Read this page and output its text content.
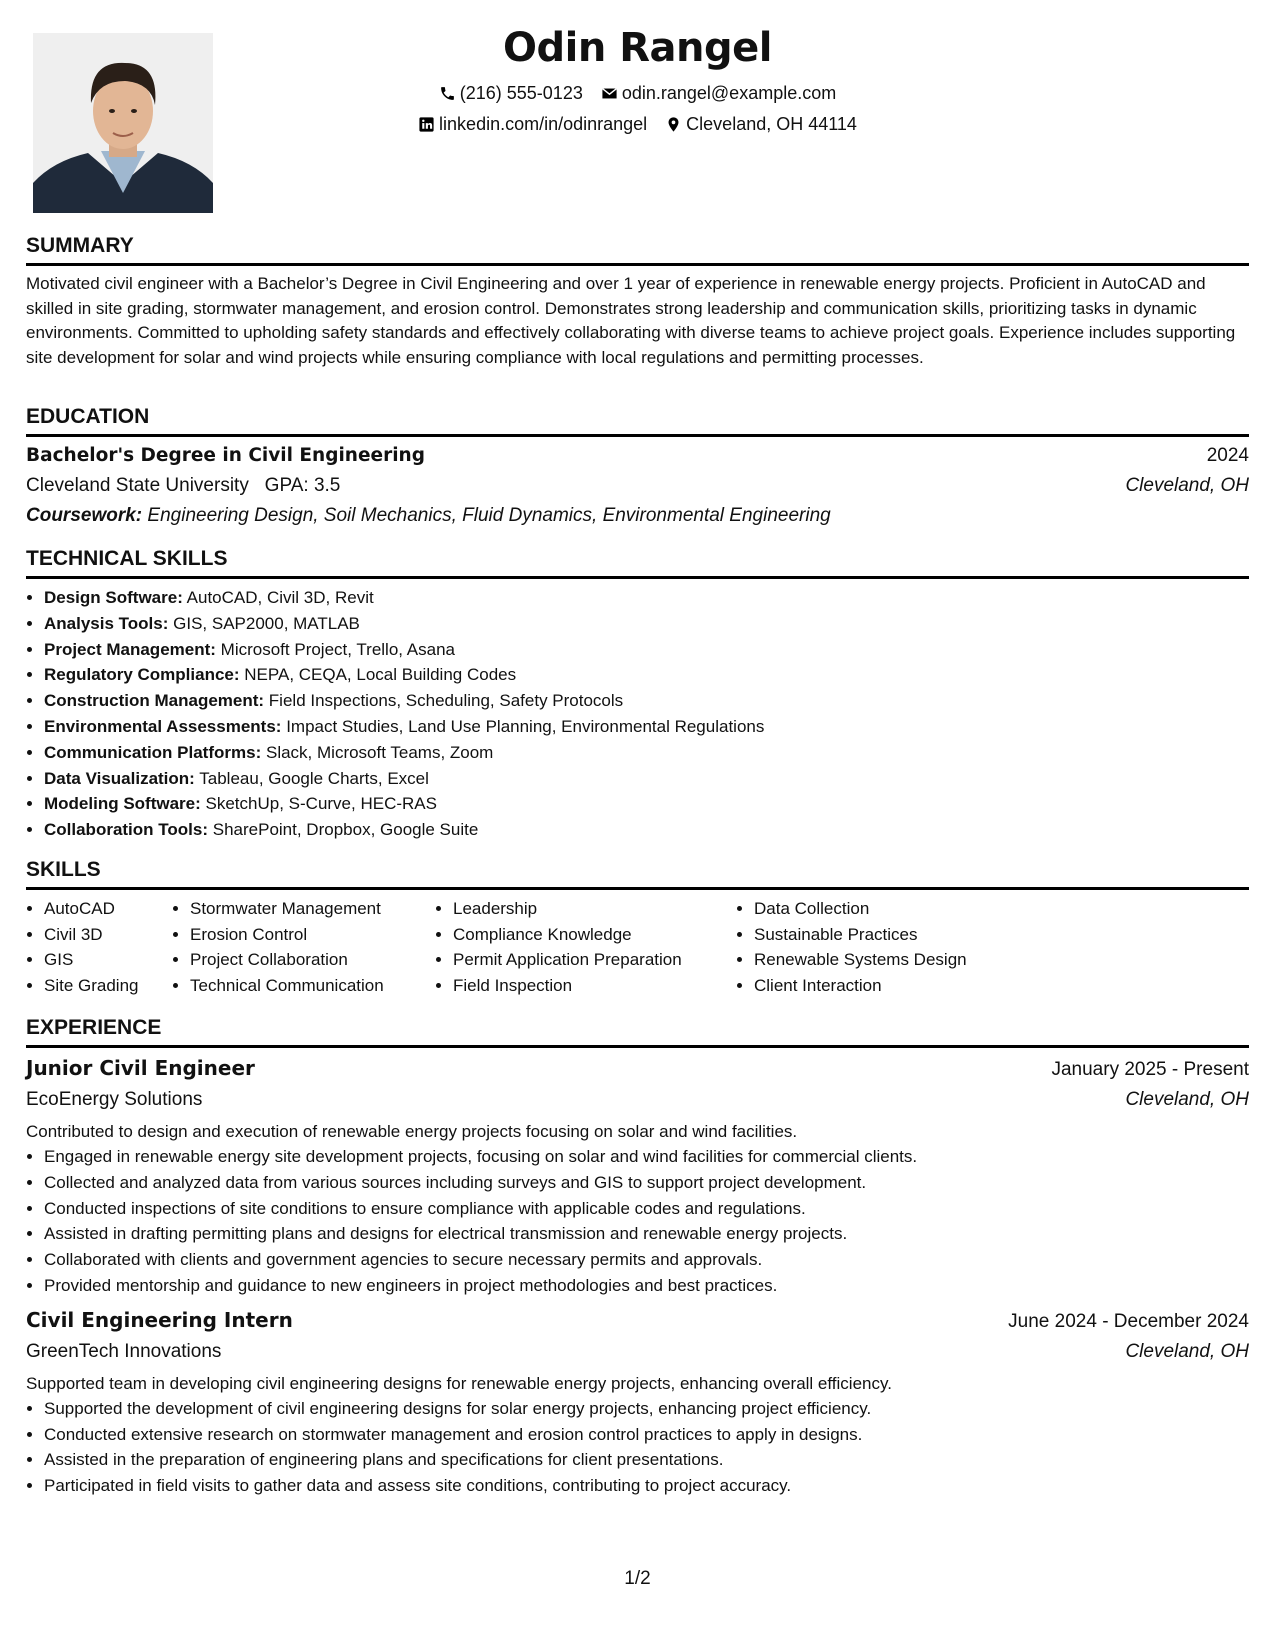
Odin Rangel
(216) 555-0123 odin.rangel@example.com
linkedin.com/in/odinrangel Cleveland, OH 44114
SUMMARY
Motivated civil engineer with a Bachelor’s Degree in Civil Engineering and over 1 year of experience in renewable energy projects. Proficient in AutoCAD and skilled in site grading, stormwater management, and erosion control. Demonstrates strong leadership and communication skills, prioritizing tasks in dynamic environments. Committed to upholding safety standards and effectively collaborating with diverse teams to achieve project goals. Experience includes supporting site development for solar and wind projects while ensuring compliance with local regulations and permitting processes.
EDUCATION
Bachelor's Degree in Civil Engineering	2024
Cleveland State University GPA: 3.5	Cleveland, OH
Coursework: Engineering Design, Soil Mechanics, Fluid Dynamics, Environmental Engineering
TECHNICAL SKILLS
• Design Software: AutoCAD, Civil 3D, Revit
• Analysis Tools: GIS, SAP2000, MATLAB
• Project Management: Microsoft Project, Trello, Asana
• Regulatory Compliance: NEPA, CEQA, Local Building Codes
• Construction Management: Field Inspections, Scheduling, Safety Protocols
• Environmental Assessments: Impact Studies, Land Use Planning, Environmental Regulations
• Communication Platforms: Slack, Microsoft Teams, Zoom
• Data Visualization: Tableau, Google Charts, Excel
• Modeling Software: SketchUp, S-Curve, HEC-RAS
• Collaboration Tools: SharePoint, Dropbox, Google Suite
SKILLS
• AutoCAD
• Civil 3D
• GIS
• Site Grading
• Stormwater Management
• Erosion Control
• Project Collaboration
• Technical Communication
• Leadership
• Compliance Knowledge
• Permit Application Preparation
• Field Inspection
• Data Collection
• Sustainable Practices
• Renewable Systems Design
• Client Interaction
EXPERIENCE
Junior Civil Engineer	January 2025 - Present
EcoEnergy Solutions	Cleveland, OH
Contributed to design and execution of renewable energy projects focusing on solar and wind facilities.
• Engaged in renewable energy site development projects, focusing on solar and wind facilities for commercial clients.
• Collected and analyzed data from various sources including surveys and GIS to support project development.
• Conducted inspections of site conditions to ensure compliance with applicable codes and regulations.
• Assisted in drafting permitting plans and designs for electrical transmission and renewable energy projects.
• Collaborated with clients and government agencies to secure necessary permits and approvals.
• Provided mentorship and guidance to new engineers in project methodologies and best practices.
Civil Engineering Intern	June 2024 - December 2024
GreenTech Innovations	Cleveland, OH
Supported team in developing civil engineering designs for renewable energy projects, enhancing overall efficiency.
• Supported the development of civil engineering designs for solar energy projects, enhancing project efficiency.
• Conducted extensive research on stormwater management and erosion control practices to apply in designs.
• Assisted in the preparation of engineering plans and specifications for client presentations.
• Participated in field visits to gather data and assess site conditions, contributing to project accuracy.
1/2
